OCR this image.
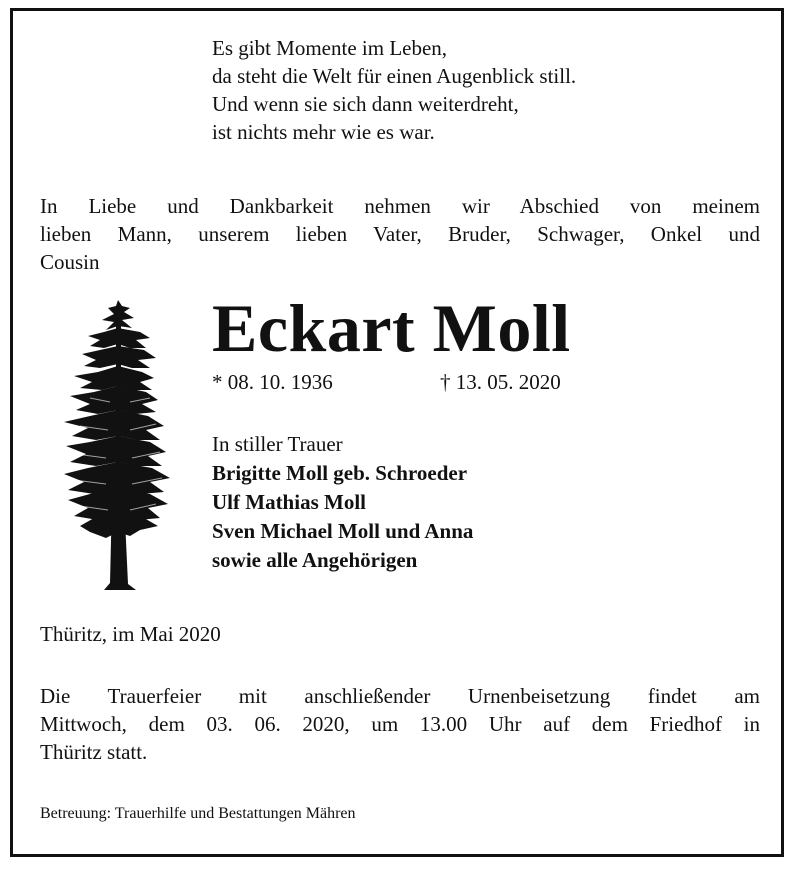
Es gibt Momente im Leben,
da steht die Welt für einen Augenblick still.
Und wenn sie sich dann weiterdreht,
ist nichts mehr wie es war.
In Liebe und Dankbarkeit nehmen wir Abschied von meinem
lieben Mann, unserem lieben Vater, Bruder, Schwager, Onkel und
Cousin
Eckart Moll
* 08. 10. 1936	† 13. 05. 2020
In stiller Trauer
Brigitte Moll geb. Schroeder
Ulf Mathias Moll
Sven Michael Moll und Anna
sowie alle Angehörigen
Thüritz, im Mai 2020
Die Trauerfeier mit anschließender Urnenbeisetzung findet am
Mittwoch, dem 03. 06. 2020, um 13.00 Uhr auf dem Friedhof in
Thüritz statt.
Betreuung: Trauerhilfe und Bestattungen Mähren
